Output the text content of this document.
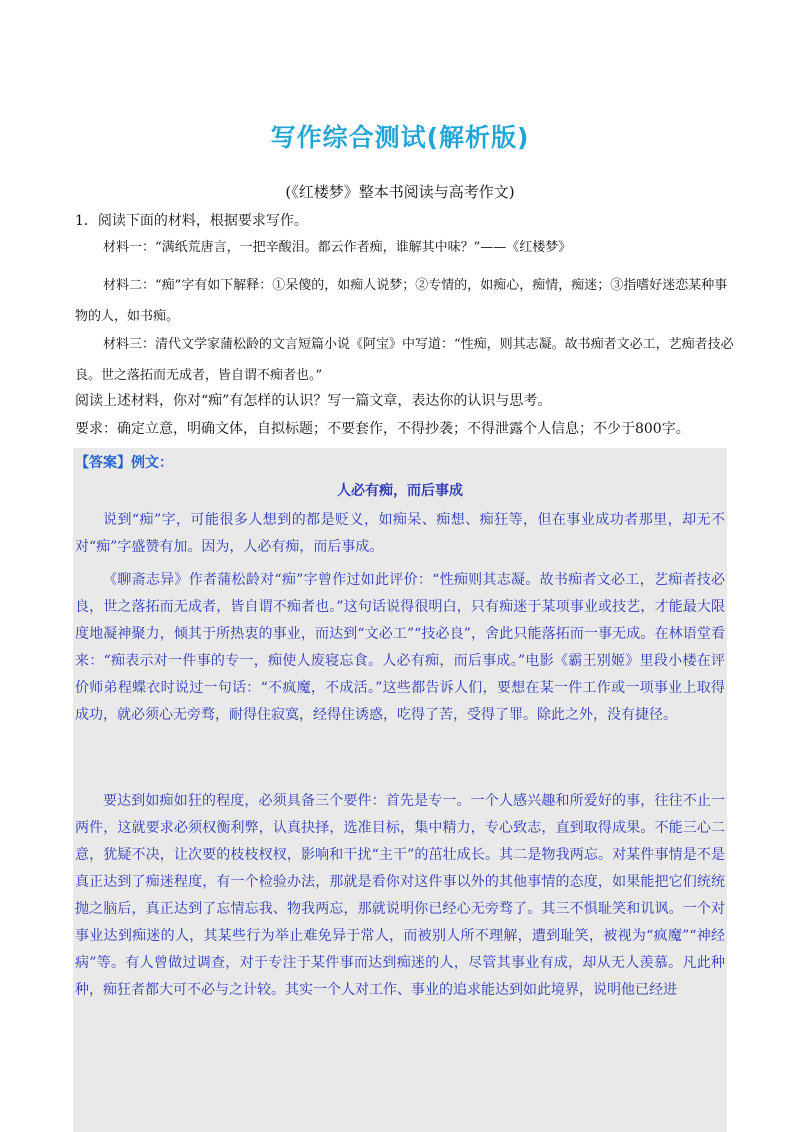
写作综合测试(解析版)
(《红楼梦》整本书阅读与高考作文)
1．阅读下面的材料，根据要求写作。
材料一：“满纸荒唐言，一把辛酸泪。都云作者痴，谁解其中味？”——《红楼梦》
材料二：“痴”字有如下解释：①呆傻的，如痴人说梦；②专情的，如痴心，痴情，痴迷；③指嗜好迷恋某种事物的人，如书痴。
材料三：清代文学家蒲松龄的文言短篇小说《阿宝》中写道：“性痴，则其志凝。故书痴者文必工，艺痴者技必良。世之落拓而无成者，皆自谓不痴者也。”
阅读上述材料，你对“痴”有怎样的认识？写一篇文章，表达你的认识与思考。
要求：确定立意，明确文体，自拟标题；不要套作，不得抄袭；不得泄露个人信息；不少于800字。
【答案】例文：
人必有痴，而后事成
说到“痴”字，可能很多人想到的都是贬义，如痴呆、痴想、痴狂等，但在事业成功者那里，却无不对“痴”字盛赞有加。因为，人必有痴，而后事成。
《聊斋志异》作者蒲松龄对“痴”字曾作过如此评价：“性痴则其志凝。故书痴者文必工，艺痴者技必良，世之落拓而无成者，皆自谓不痴者也。”这句话说得很明白，只有痴迷于某项事业或技艺，才能最大限度地凝神聚力，倾其于所热衷的事业，而达到“文必工”“技必良”，舍此只能落拓而一事无成。在林语堂看来：“痴表示对一件事的专一，痴使人废寝忘食。人必有痴，而后事成。”电影《霸王别姬》里段小楼在评价师弟程蝶衣时说过一句话：“不疯魔，不成活。”这些都告诉人们，要想在某一件工作或一项事业上取得成功，就必须心无旁骛，耐得住寂寞，经得住诱惑，吃得了苦，受得了罪。除此之外，没有捷径。
要达到如痴如狂的程度，必须具备三个要件：首先是专一。一个人感兴趣和所爱好的事，往往不止一两件，这就要求必须权衡利弊，认真抉择，选准目标，集中精力，专心致志，直到取得成果。不能三心二意，犹疑不决，让次要的枝枝杈杈，影响和干扰“主干”的茁壮成长。其二是物我两忘。对某件事情是不是真正达到了痴迷程度，有一个检验办法，那就是看你对这件事以外的其他事情的态度，如果能把它们统统抛之脑后，真正达到了忘情忘我、物我两忘，那就说明你已经心无旁骛了。其三不惧耻笑和讥讽。一个对事业达到痴迷的人，其某些行为举止难免异于常人，而被别人所不理解，遭到耻笑，被视为“疯魔”“神经病”等。有人曾做过调查，对于专注于某件事而达到痴迷的人，尽管其事业有成，却从无人羡慕。凡此种种，痴狂者都大可不必与之计较。其实一个人对工作、事业的追求能达到如此境界，说明他已经进
